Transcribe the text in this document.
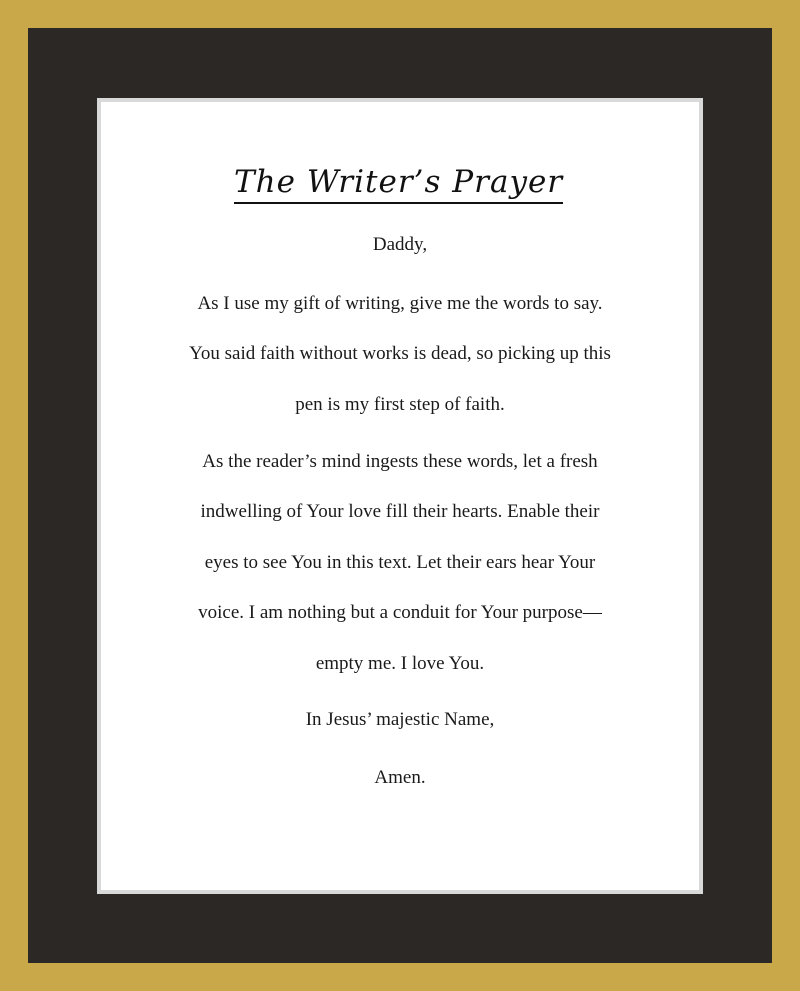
The Writer’s Prayer

Daddy,

As I use my gift of writing, give me the words to say.

You said faith without works is dead, so picking up this

pen is my first step of faith.

As the reader’s mind ingests these words, let a fresh

indwelling of Your love fill their hearts. Enable their

eyes to see You in this text. Let their ears hear Your

voice. I am nothing but a conduit for Your purpose—

empty me. I love You.

In Jesus’ majestic Name,

Amen.
